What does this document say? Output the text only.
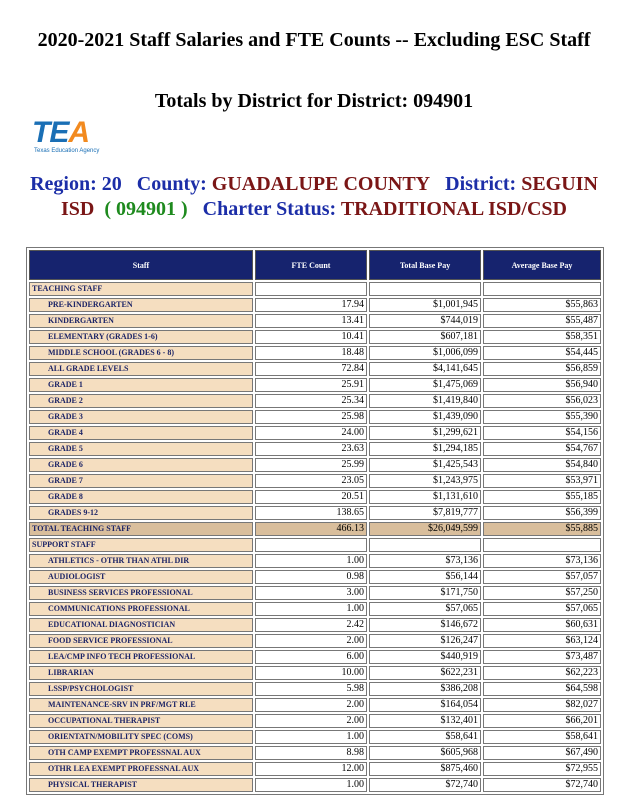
2020-2021 Staff Salaries and FTE Counts -- Excluding ESC Staff
Totals by District for District: 094901
TEA
Texas Education Agency
Region: 20 County: GUADALUPE COUNTY District: SEGUIN ISD ( 094901 ) Charter Status: TRADITIONAL ISD/CSD
Staff	FTE Count	Total Base Pay	Average Base Pay
TEACHING STAFF			
PRE-KINDERGARTEN	17.94	$1,001,945	$55,863
KINDERGARTEN	13.41	$744,019	$55,487
ELEMENTARY (GRADES 1-6)	10.41	$607,181	$58,351
MIDDLE SCHOOL (GRADES 6 - 8)	18.48	$1,006,099	$54,445
ALL GRADE LEVELS	72.84	$4,141,645	$56,859
GRADE 1	25.91	$1,475,069	$56,940
GRADE 2	25.34	$1,419,840	$56,023
GRADE 3	25.98	$1,439,090	$55,390
GRADE 4	24.00	$1,299,621	$54,156
GRADE 5	23.63	$1,294,185	$54,767
GRADE 6	25.99	$1,425,543	$54,840
GRADE 7	23.05	$1,243,975	$53,971
GRADE 8	20.51	$1,131,610	$55,185
GRADES 9-12	138.65	$7,819,777	$56,399
TOTAL TEACHING STAFF	466.13	$26,049,599	$55,885
SUPPORT STAFF			
ATHLETICS - OTHR THAN ATHL DIR	1.00	$73,136	$73,136
AUDIOLOGIST	0.98	$56,144	$57,057
BUSINESS SERVICES PROFESSIONAL	3.00	$171,750	$57,250
COMMUNICATIONS PROFESSIONAL	1.00	$57,065	$57,065
EDUCATIONAL DIAGNOSTICIAN	2.42	$146,672	$60,631
FOOD SERVICE PROFESSIONAL	2.00	$126,247	$63,124
LEA/CMP INFO TECH PROFESSIONAL	6.00	$440,919	$73,487
LIBRARIAN	10.00	$622,231	$62,223
LSSP/PSYCHOLOGIST	5.98	$386,208	$64,598
MAINTENANCE-SRV IN PRF/MGT RLE	2.00	$164,054	$82,027
OCCUPATIONAL THERAPIST	2.00	$132,401	$66,201
ORIENTATN/MOBILITY SPEC (COMS)	1.00	$58,641	$58,641
OTH CAMP EXEMPT PROFESSNAL AUX	8.98	$605,968	$67,490
OTHR LEA EXEMPT PROFESSNAL AUX	12.00	$875,460	$72,955
PHYSICAL THERAPIST	1.00	$72,740	$72,740
